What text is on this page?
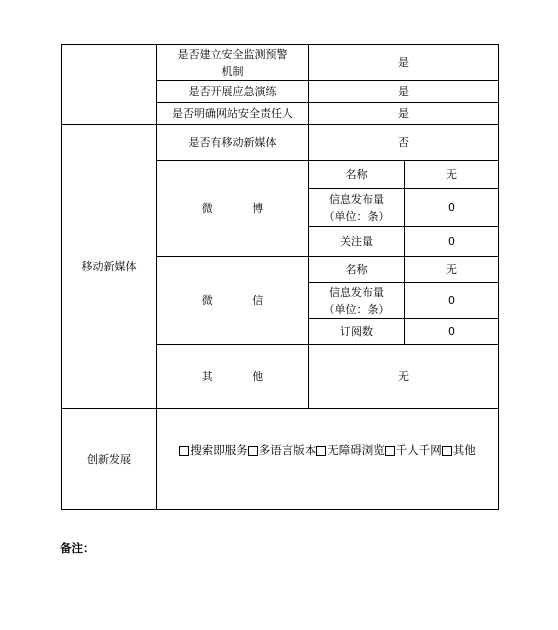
	是否建立安全监测预警
机制	是	
	是否开展应急演练	是	
	是否明确网站安全责任人	是	
移动新媒体	是否有移动新媒体	否	
	微 博	名称	无

		信息发布量
（单位：条）	0
		关注量	0
	微 信	名称	无

		信息发布量
（单位：条）	0
		订阅数	0
	其 他	无	
创新发展	搜索即服务 多语言版本 无障碍浏览 千人千网 其他		
备注：
